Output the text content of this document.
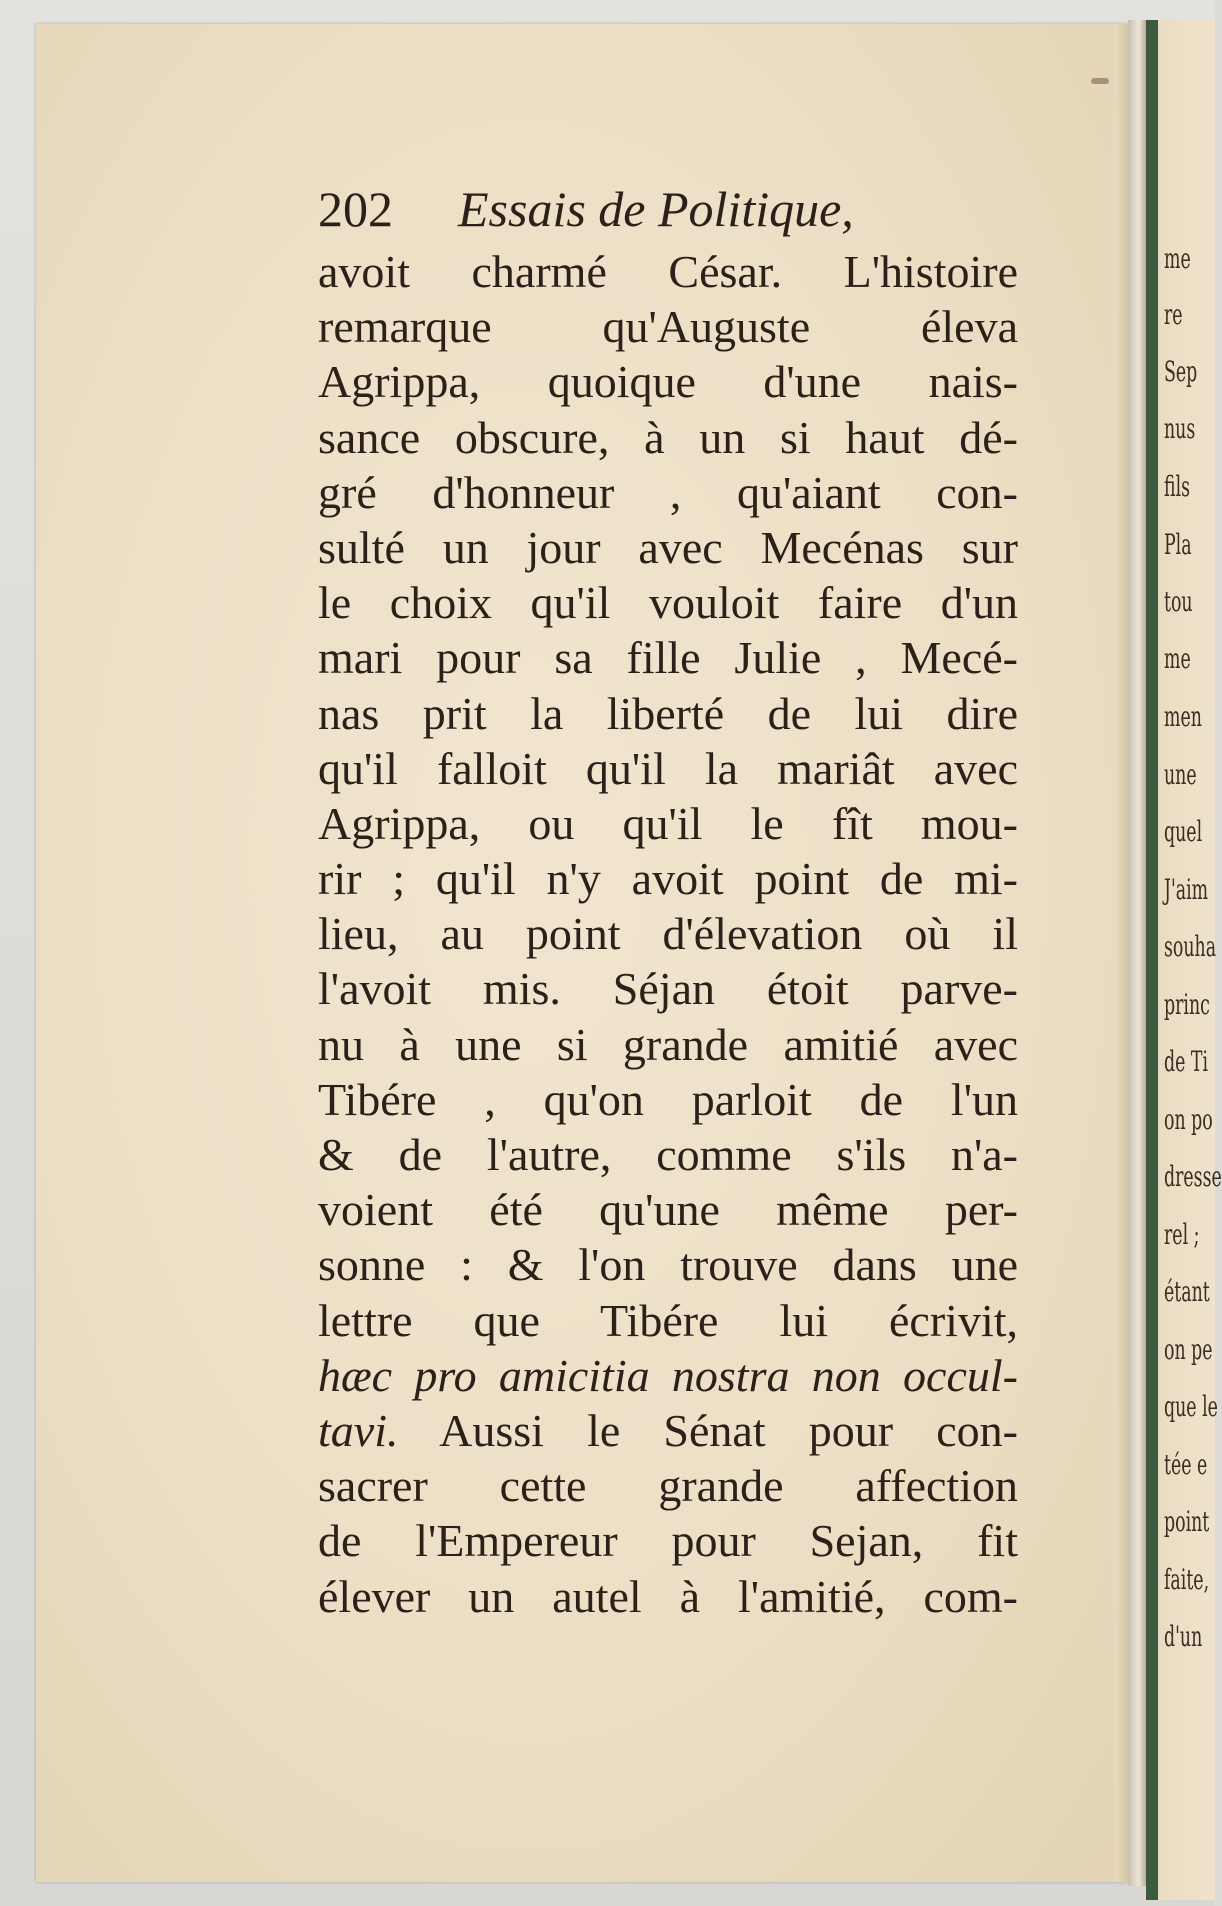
202 Essais de Politique,
avoit charmé César. L'histoire
remarque qu'Auguste éleva
Agrippa, quoique d'une nais-
sance obscure, à un si haut dé-
gré d'honneur , qu'aiant con-
sulté un jour avec Mecénas sur
le choix qu'il vouloit faire d'un
mari pour sa fille Julie , Mecé-
nas prit la liberté de lui dire
qu'il falloit qu'il la mariât avec
Agrippa, ou qu'il le fît mou-
rir ; qu'il n'y avoit point de mi-
lieu, au point d'élevation où il
l'avoit mis. Séjan étoit parve-
nu à une si grande amitié avec
Tibére , qu'on parloit de l'un
& de l'autre, comme s'ils n'a-
voient été qu'une même per-
sonne : & l'on trouve dans une
lettre que Tibére lui écrivit,
hæc pro amicitia nostra non occul-
tavi. Aussi le Sénat pour con-
sacrer cette grande affection
de l'Empereur pour Sejan, fit
élever un autel à l'amitié, com-
me
re
Sep
nus
fils
Pla
tou
me
men
une
quel
J'aim
souha
princ
de Ti
on po
dresse
rel ;
étant
on pe
que le
tée e
point
faite,
d'un
